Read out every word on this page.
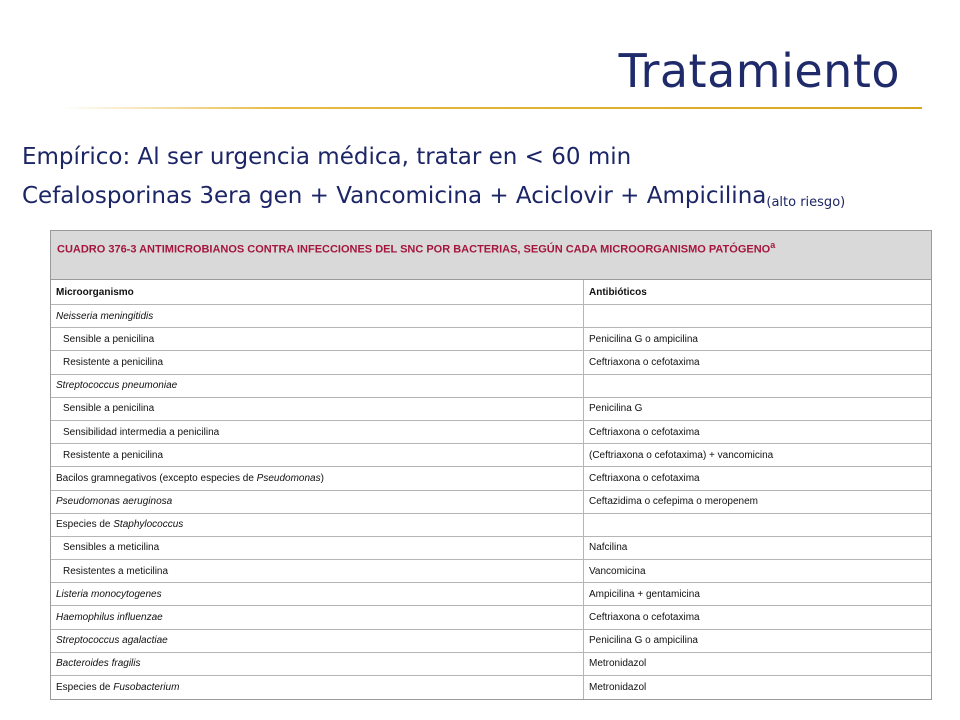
Tratamiento
Empírico: Al ser urgencia médica, tratar en < 60 min
Cefalosporinas 3era gen + Vancomicina + Aciclovir + Ampicilina(alto riesgo)
CUADRO 376-3 ANTIMICROBIANOS CONTRA INFECCIONES DEL SNC POR BACTERIAS, SEGÚN CADA MICROORGANISMO PATÓGENO$^a$
Microorganismo	Antibióticos
Neisseria meningitidis
Sensible a penicilina	Penicilina G o ampicilina
Resistente a penicilina	Ceftriaxona o cefotaxima
Streptococcus pneumoniae
Sensible a penicilina	Penicilina G
Sensibilidad intermedia a penicilina	Ceftriaxona o cefotaxima
Resistente a penicilina	(Ceftriaxona o cefotaxima) + vancomicina
Bacilos gramnegativos (excepto especies de Pseudomonas )	Ceftriaxona o cefotaxima
Pseudomonas aeruginosa	Ceftazidima o cefepima o meropenem
Especies de Staphylococcus
Sensibles a meticilina	Nafcilina
Resistentes a meticilina	Vancomicina
Listeria monocytogenes	Ampicilina + gentamicina
Haemophilus influenzae	Ceftriaxona o cefotaxima
Streptococcus agalactiae	Penicilina G o ampicilina
Bacteroides fragilis	Metronidazol
Especies de Fusobacterium	Metronidazol
